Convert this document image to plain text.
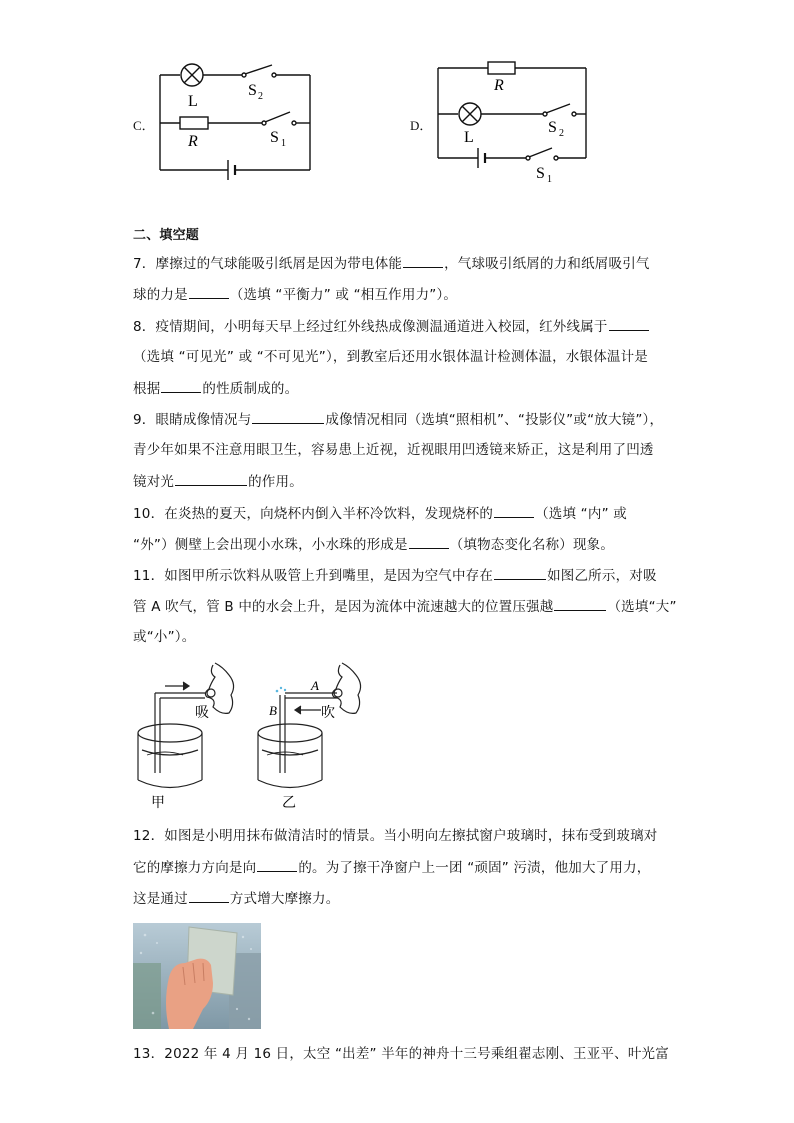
C．
L
S 2
R	S 1
D．
R
L
S 2
S 1
二、填空题
7．摩擦过的气球能吸引纸屑是因为带电体能	，气球吸引纸屑的力和纸屑吸引气
球的力是	（选填 “平衡力” 或 “相互作用力”）。
8．疫情期间，小明每天早上经过红外线热成像测温通道进入校园，红外线属于
（选填 “可见光” 或 “不可见光”），到教室后还用水银体温计检测体温，水银体温计是
根据	的性质制成的。
9．眼睛成像情况与	成像情况相同（选填“照相机”、“投影仪”或“放大镜”），
青少年如果不注意用眼卫生，容易患上近视，近视眼用凹透镜来矫正，这是利用了凹透
镜对光	的作用。
10．在炎热的夏天，向烧杯内倒入半杯冷饮料，发现烧杯的	（选填 “内” 或
“外”）侧壁上会出现小水珠，小水珠的形成是	（填物态变化名称）现象。
11．如图甲所示饮料从吸管上升到嘴里，是因为空气中存在	如图乙所示，对吸
管 A 吹气，管 B 中的水会上升，是因为流体中流速越大的位置压强越	（选填“大”
或“小”）。
吸
甲
吹
乙
A
B
12．如图是小明用抹布做清洁时的情景。当小明向左擦拭窗户玻璃时，抹布受到玻璃对
它的摩擦力方向是向	的。为了擦干净窗户上一团 “顽固” 污渍，他加大了用力，
这是通过	方式增大摩擦力。
13．2022 年 4 月 16 日，太空 “出差” 半年的神舟十三号乘组翟志刚、王亚平、叶光富
